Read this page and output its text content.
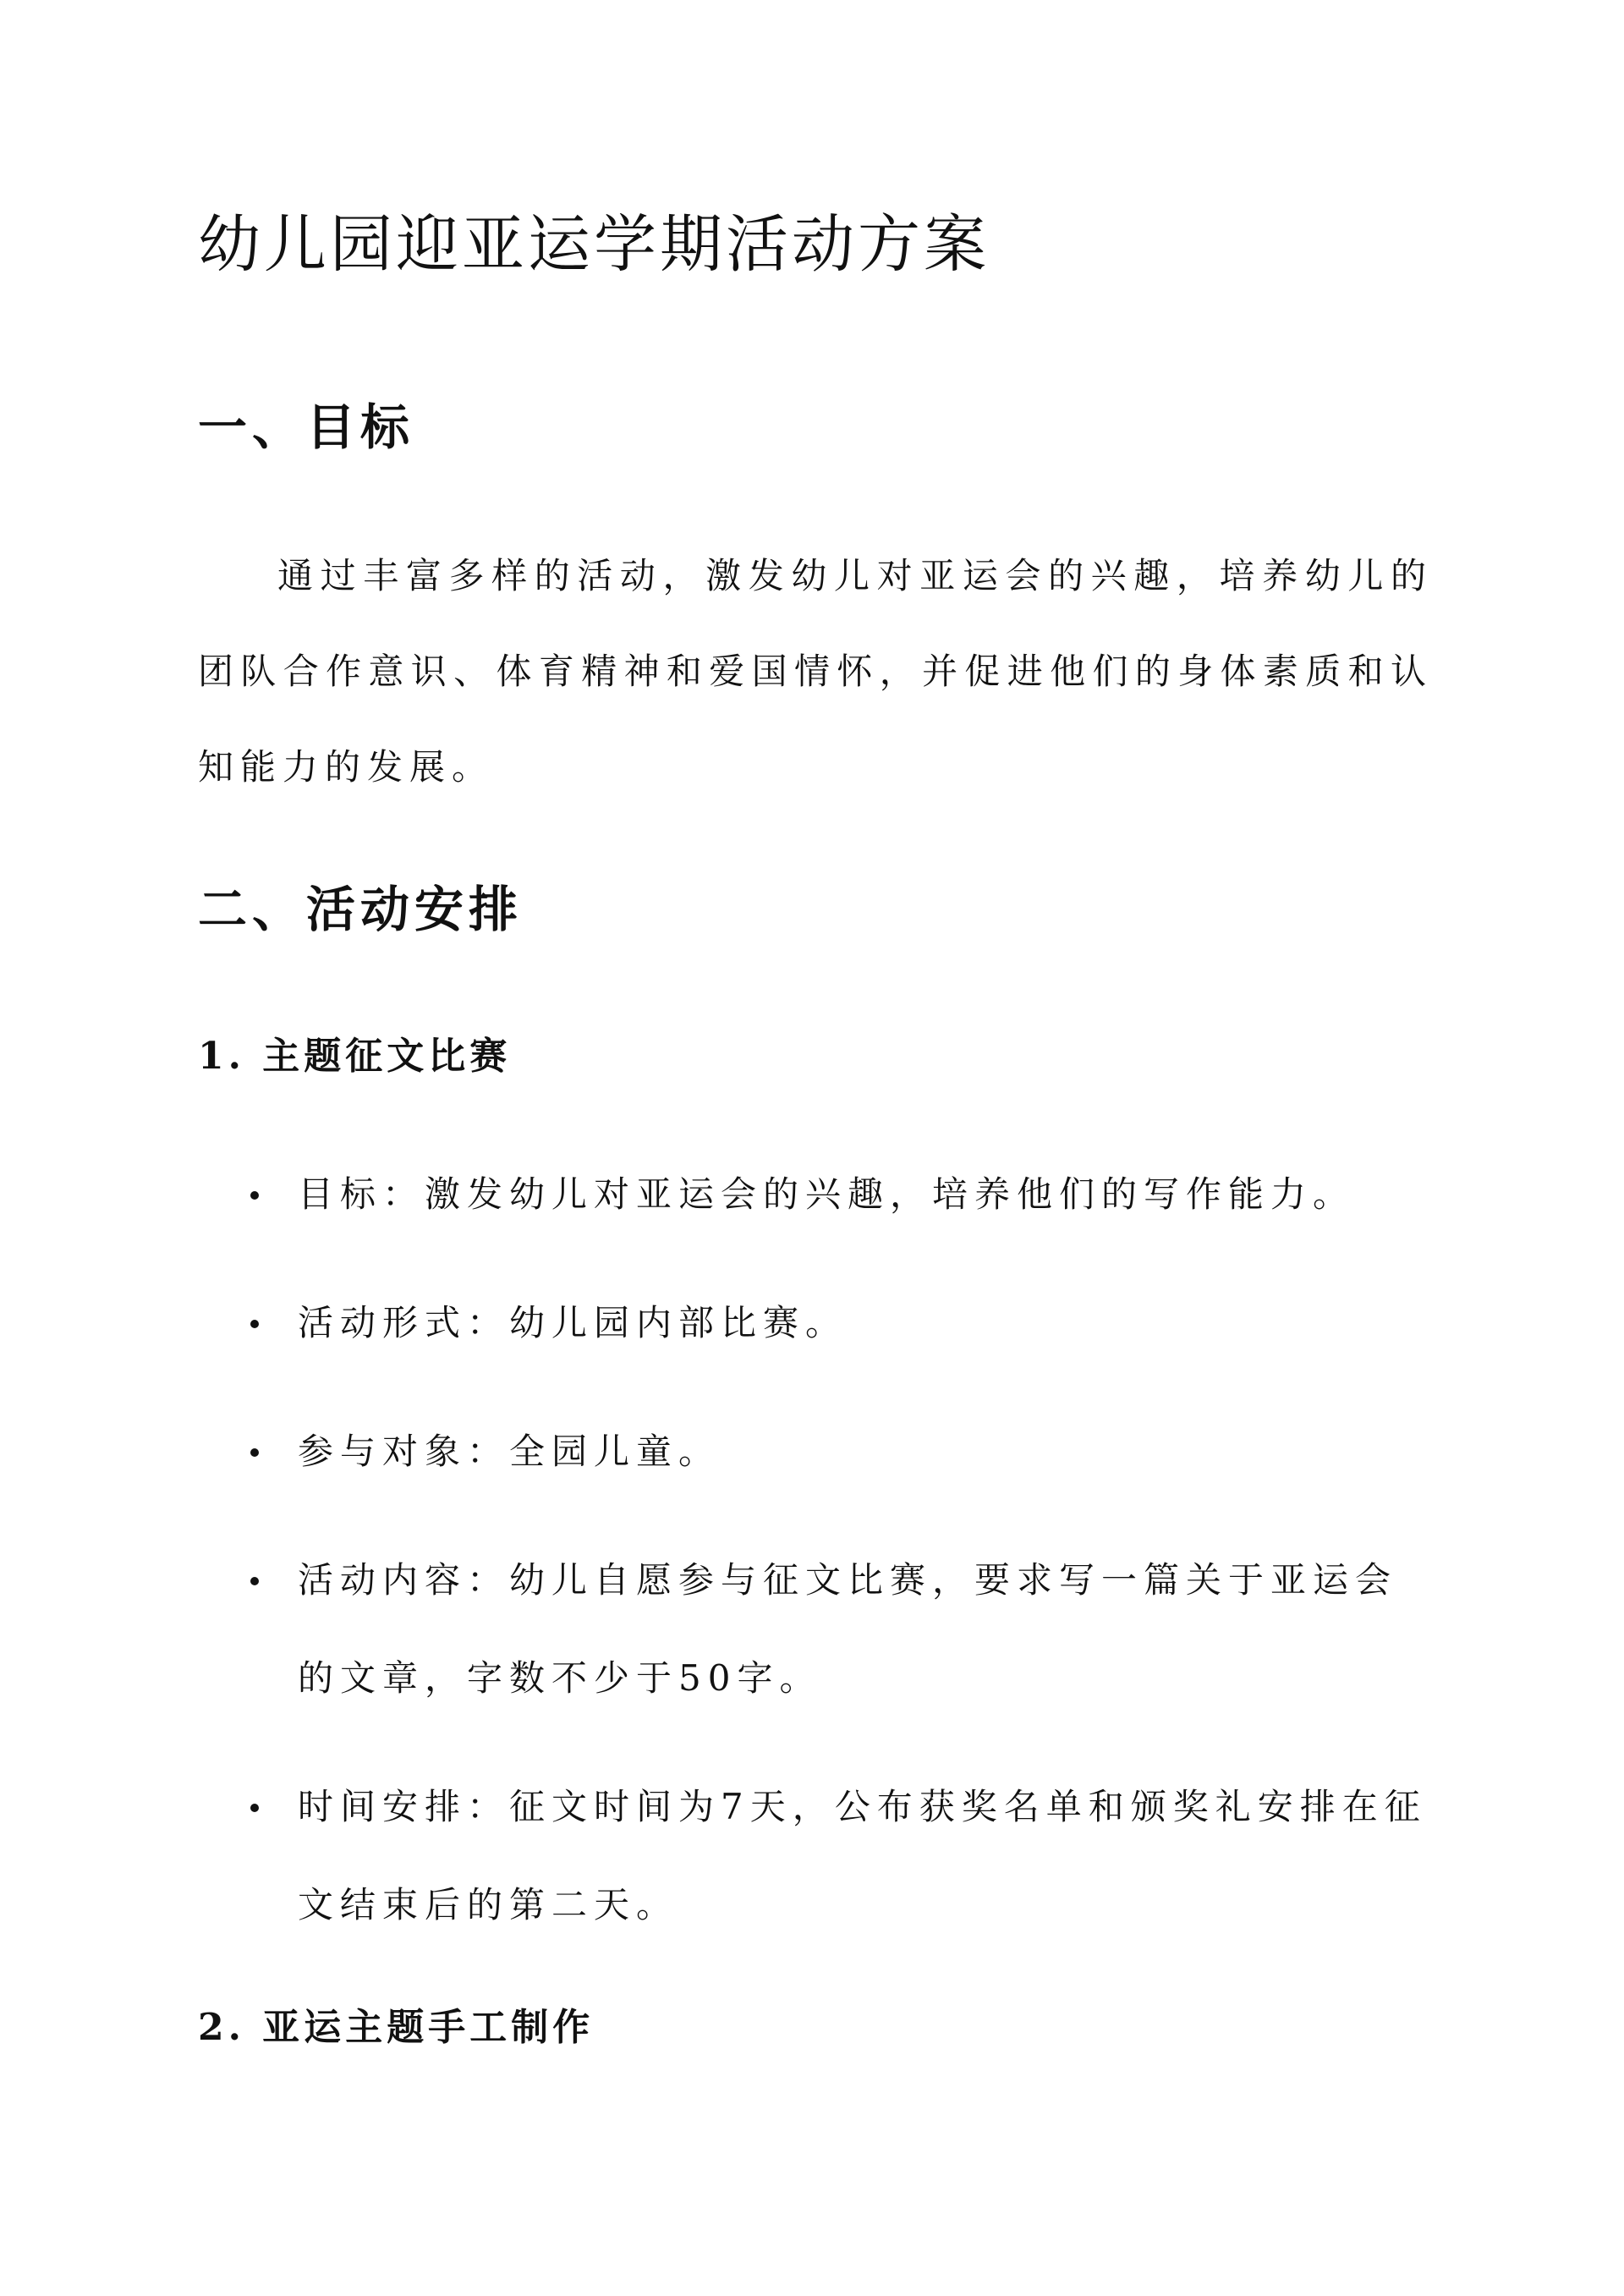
幼儿园迎亚运学期活动方案
一、目标

通过丰富多样的活动，激发幼儿对亚运会的兴趣，培养幼儿的团队合作意识、体育精神和爱国情怀，并促进他们的身体素质和认知能力的发展。

二、活动安排
1. 主题征文比赛
目标：激发幼儿对亚运会的兴趣，培养他们的写作能力。
活动形式：幼儿园内部比赛。
参与对象：全园儿童。
活动内容：幼儿自愿参与征文比赛，要求写一篇关于亚运会的文章，字数不少于50字。
时间安排：征文时间为7天，公布获奖名单和颁奖礼安排在征文结束后的第二天。
2. 亚运主题手工制作
